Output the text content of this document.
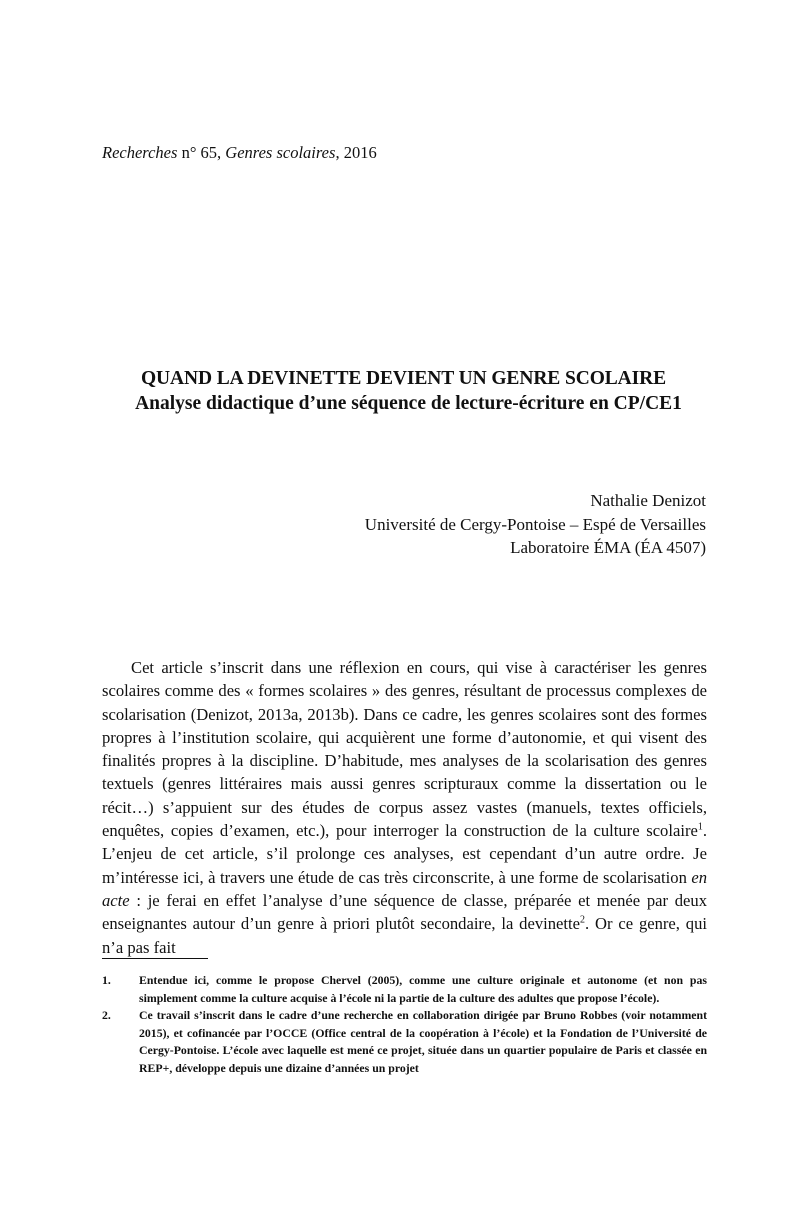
Recherches n° 65, Genres scolaires, 2016
QUAND LA DEVINETTE DEVIENT UN GENRE SCOLAIRE
Analyse didactique d’une séquence de lecture-écriture en CP/CE1
Nathalie Denizot
Université de Cergy-Pontoise – Espé de Versailles
Laboratoire ÉMA (ÉA 4507)

Cet article s’inscrit dans une réflexion en cours, qui vise à caractériser les genres scolaires comme des « formes scolaires » des genres, résultant de processus complexes de scolarisation (Denizot, 2013a, 2013b). Dans ce cadre, les genres scolaires sont des formes propres à l’institution scolaire, qui acquièrent une forme d’autonomie, et qui visent des finalités propres à la discipline. D’habitude, mes analyses de la scolarisation des genres textuels (genres littéraires mais aussi genres scripturaux comme la dissertation ou le récit…) s’appuient sur des études de corpus assez vastes (manuels, textes officiels, enquêtes, copies d’examen, etc.), pour interroger la construction de la culture scolaire$^1$. L’enjeu de cet article, s’il prolonge ces analyses, est cependant d’un autre ordre. Je m’intéresse ici, à travers une étude de cas très circonscrite, à une forme de scolarisation en acte : je ferai en effet l’analyse d’une séquence de classe, préparée et menée par deux enseignantes autour d’un genre à priori plutôt secondaire, la devinette$^2$. Or ce genre, qui n’a pas fait

1.	Entendue ici, comme le propose Chervel (2005), comme une culture originale et autonome (et non pas simplement comme la culture acquise à l’école ni la partie de la culture des adultes que propose l’école).
2.	Ce travail s’inscrit dans le cadre d’une recherche en collaboration dirigée par Bruno Robbes (voir notamment 2015), et cofinancée par l’OCCE (Office central de la coopération à l’école) et la Fondation de l’Université de Cergy-Pontoise. L’école avec laquelle est mené ce projet, située dans un quartier populaire de Paris et classée en REP+, développe depuis une dizaine d’années un projet
